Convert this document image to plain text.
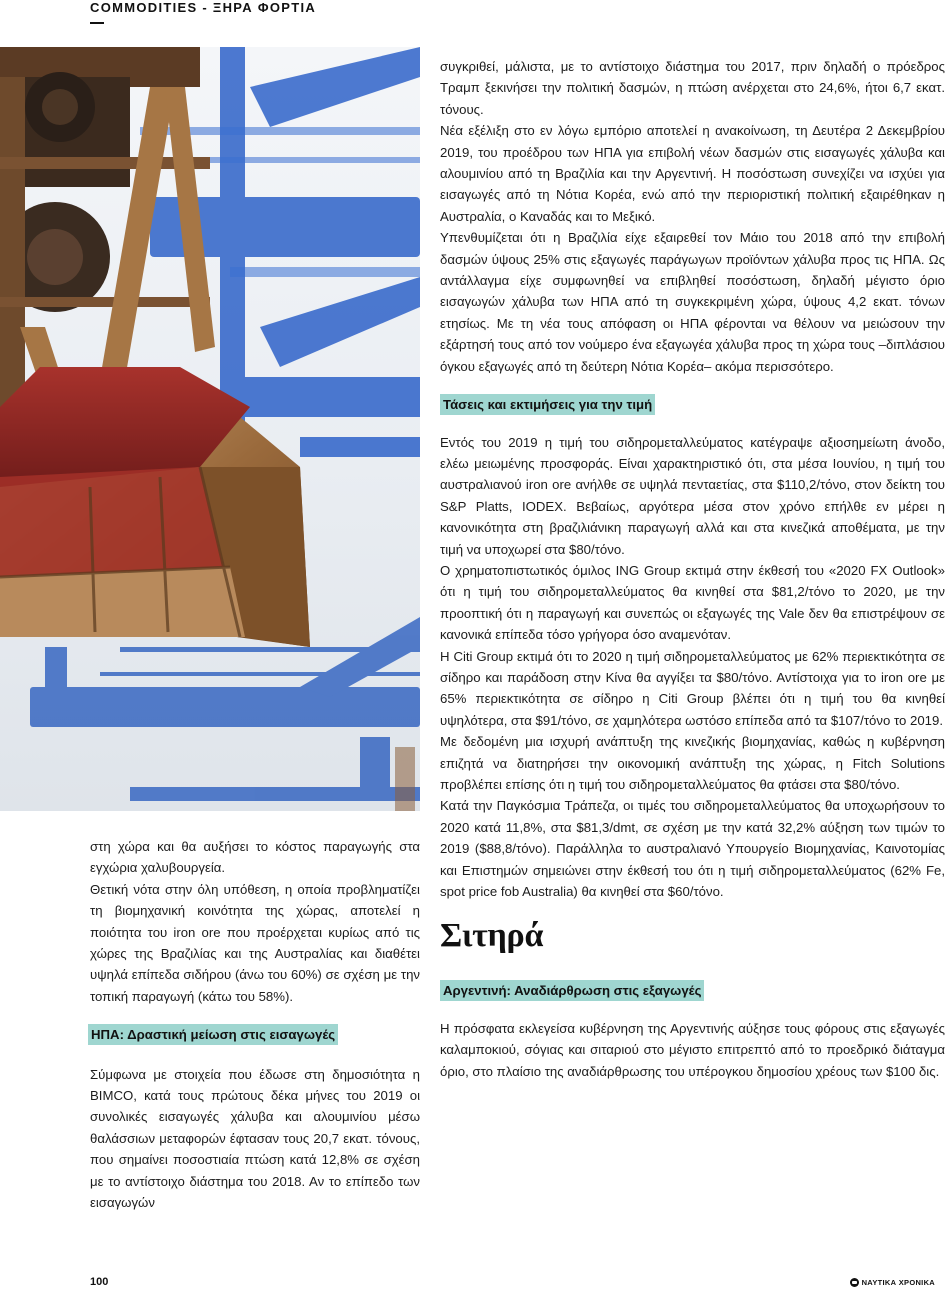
COMMODITIES - ΞΗΡΑ ΦΟΡΤΙΑ

στη χώρα και θα αυξήσει το κόστος παραγωγής στα εγχώρια χαλυβουργεία.

Θετική νότα στην όλη υπόθεση, η οποία προβληματίζει τη βιομηχανική κοινότητα της χώρας, αποτελεί η ποιότητα του iron ore που προέρχεται κυρίως από τις χώρες της Βραζιλίας και της Αυστραλίας και διαθέτει υψηλά επίπεδα σιδήρου (άνω του 60%) σε σχέση με την τοπική παραγωγή (κάτω του 58%).

ΗΠΑ: Δραστική μείωση στις εισαγωγές

Σύμφωνα με στοιχεία που έδωσε στη δημοσιότητα η BIMCO, κατά τους πρώτους δέκα μήνες του 2019 οι συνολικές εισαγωγές χάλυβα και αλουμινίου μέσω θαλάσσιων μεταφορών έφτασαν τους 20,7 εκατ. τόνους, που σημαίνει ποσοστιαία πτώση κατά 12,8% σε σχέση με το αντίστοιχο διάστημα του 2018. Αν το επίπεδο των εισαγωγών

συγκριθεί, μάλιστα, με το αντίστοιχο διάστημα του 2017, πριν δηλαδή ο πρόεδρος Τραμπ ξεκινήσει την πολιτική δασμών, η πτώση ανέρχεται στο 24,6%, ήτοι 6,7 εκατ. τόνους.

Νέα εξέλιξη στο εν λόγω εμπόριο αποτελεί η ανακοίνωση, τη Δευτέρα 2 Δεκεμβρίου 2019, του προέδρου των ΗΠΑ για επιβολή νέων δασμών στις εισαγωγές χάλυβα και αλουμινίου από τη Βραζιλία και την Αργεντινή. Η ποσόστωση συνεχίζει να ισχύει για εισαγωγές από τη Νότια Κορέα, ενώ από την περιοριστική πολιτική εξαιρέθηκαν η Αυστραλία, ο Καναδάς και το Μεξικό.

Υπενθυμίζεται ότι η Βραζιλία είχε εξαιρεθεί τον Μάιο του 2018 από την επιβολή δασμών ύψους 25% στις εξαγωγές παράγωγων προϊόντων χάλυβα προς τις ΗΠΑ. Ως αντάλλαγμα είχε συμφωνηθεί να επιβληθεί ποσόστωση, δηλαδή μέγιστο όριο εισαγωγών χάλυβα των ΗΠΑ από τη συγκεκριμένη χώρα, ύψους 4,2 εκατ. τόνων ετησίως. Με τη νέα τους απόφαση οι ΗΠΑ φέρονται να θέλουν να μειώσουν την εξάρτησή τους από τον νούμερο ένα εξαγωγέα χάλυβα προς τη χώρα τους –διπλάσιου όγκου εξαγωγές από τη δεύτερη Νότια Κορέα– ακόμα περισσότερο.

Τάσεις και εκτιμήσεις για την τιμή

Εντός του 2019 η τιμή του σιδηρομεταλλεύματος κατέγραψε αξιοσημείωτη άνοδο, ελέω μειωμένης προσφοράς. Είναι χαρακτηριστικό ότι, στα μέσα Ιουνίου, η τιμή του αυστραλιανού iron ore ανήλθε σε υψηλά πενταετίας, στα $110,2/τόνο, στον δείκτη του S&P Platts, IODEX. Βεβαίως, αργότερα μέσα στον χρόνο επήλθε εν μέρει η κανονικότητα στη βραζιλιάνικη παραγωγή αλλά και στα κινεζικά αποθέματα, με την τιμή να υποχωρεί στα $80/τόνο.

Ο χρηματοπιστωτικός όμιλος ING Group εκτιμά στην έκθεσή του «2020 FX Outlook» ότι η τιμή του σιδηρομεταλλεύματος θα κινηθεί στα $81,2/τόνο το 2020, με την προοπτική ότι η παραγωγή και συνεπώς οι εξαγωγές της Vale δεν θα επιστρέψουν σε κανονικά επίπεδα τόσο γρήγορα όσο αναμενόταν.

Η Citi Group εκτιμά ότι το 2020 η τιμή σιδηρομεταλλεύματος με 62% περιεκτικότητα σε σίδηρο και παράδοση στην Κίνα θα αγγίξει τα $80/τόνο. Αντίστοιχα για το iron ore με 65% περιεκτικότητα σε σίδηρο η Citi Group βλέπει ότι η τιμή του θα κινηθεί υψηλότερα, στα $91/τόνο, σε χαμηλότερα ωστόσο επίπεδα από τα $107/τόνο το 2019.

Με δεδομένη μια ισχυρή ανάπτυξη της κινεζικής βιομηχανίας, καθώς η κυβέρνηση επιζητά να διατηρήσει την οικονομική ανάπτυξη της χώρας, η Fitch Solutions προβλέπει επίσης ότι η τιμή του σιδηρομεταλλεύματος θα φτάσει στα $80/τόνο.

Κατά την Παγκόσμια Τράπεζα, οι τιμές του σιδηρομεταλλεύματος θα υποχωρήσουν το 2020 κατά 11,8%, στα $81,3/dmt, σε σχέση με την κατά 32,2% αύξηση των τιμών το 2019 ($88,8/τόνο). Παράλληλα το αυστραλιανό Υπουργείο Βιομηχανίας, Καινοτομίας και Επιστημών σημειώνει στην έκθεσή του ότι η τιμή σιδηρομεταλλεύματος (62% Fe, spot price fob Australia) θα κινηθεί στα $60/τόνο.

Σιτηρά
Αργεντινή: Αναδιάρθρωση στις εξαγωγές

Η πρόσφατα εκλεγείσα κυβέρνηση της Αργεντινής αύξησε τους φόρους στις εξαγωγές καλαμποκιού, σόγιας και σιταριού στο μέγιστο επιτρεπτό από το προεδρικό διάταγμα όριο, στο πλαίσιο της αναδιάρθρωσης του υπέρογκου δημοσίου χρέους των $100 δις.

100	ΝΑΥΤΙΚΑ ΧΡΟΝΙΚΑ
